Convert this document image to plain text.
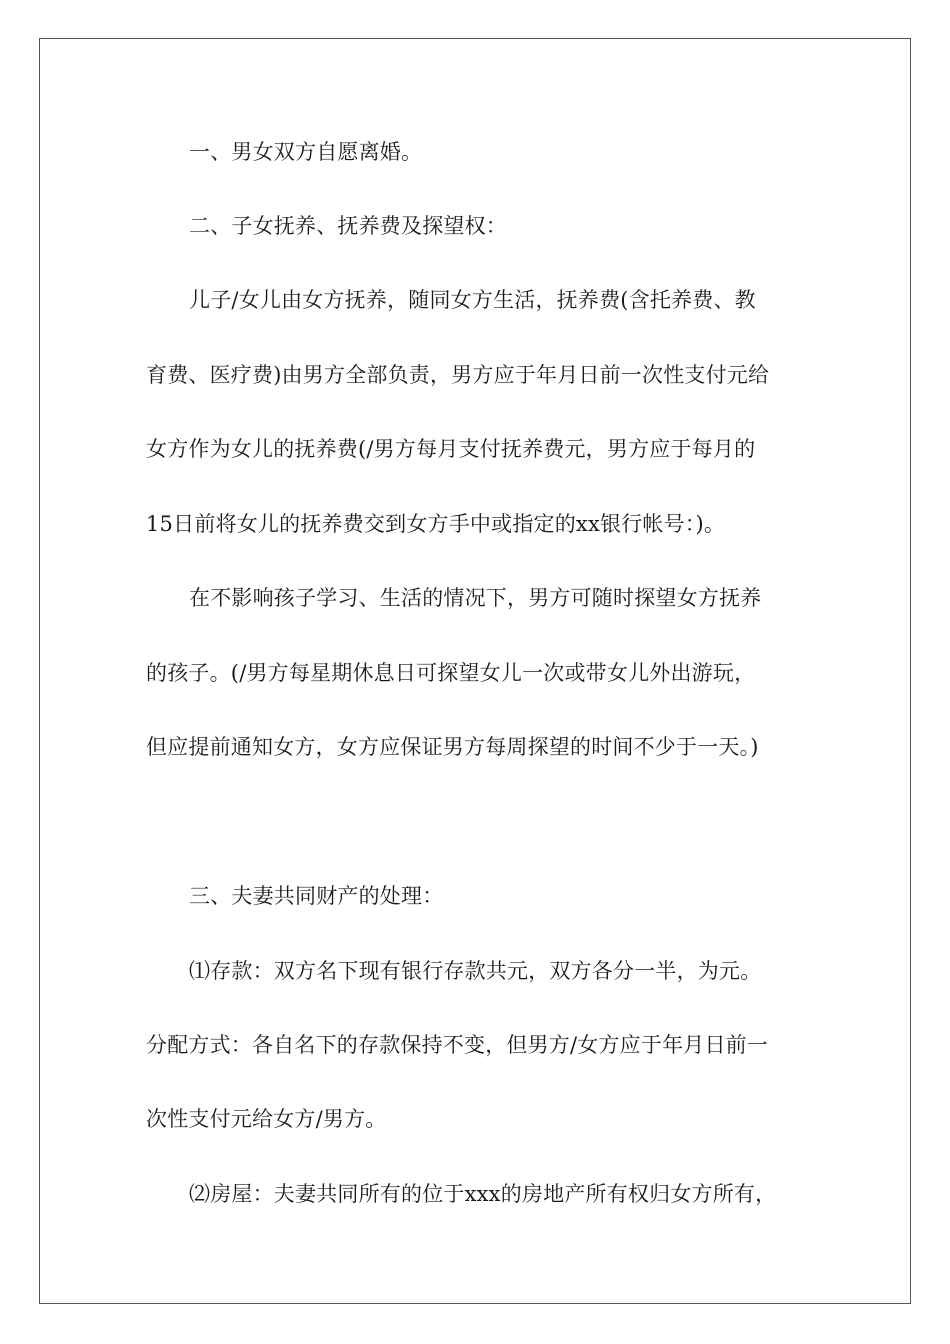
一、男女双方自愿离婚。
二、子女抚养、抚养费及探望权：
儿子/女儿由女方抚养，随同女方生活，抚养费(含托养费、教
育费、医疗费)由男方全部负责，男方应于年月日前一次性支付元给
女方作为女儿的抚养费(/男方每月支付抚养费元，男方应于每月的
15日前将女儿的抚养费交到女方手中或指定的xx银行帐号：)。
在不影响孩子学习、生活的情况下，男方可随时探望女方抚养
的孩子。(/男方每星期休息日可探望女儿一次或带女儿外出游玩，
但应提前通知女方，女方应保证男方每周探望的时间不少于一天。)
三、夫妻共同财产的处理：
⑴存款：双方名下现有银行存款共元，双方各分一半，为元。
分配方式：各自名下的存款保持不变，但男方/女方应于年月日前一
次性支付元给女方/男方。
⑵房屋：夫妻共同所有的位于xxx的房地产所有权归女方所有，
